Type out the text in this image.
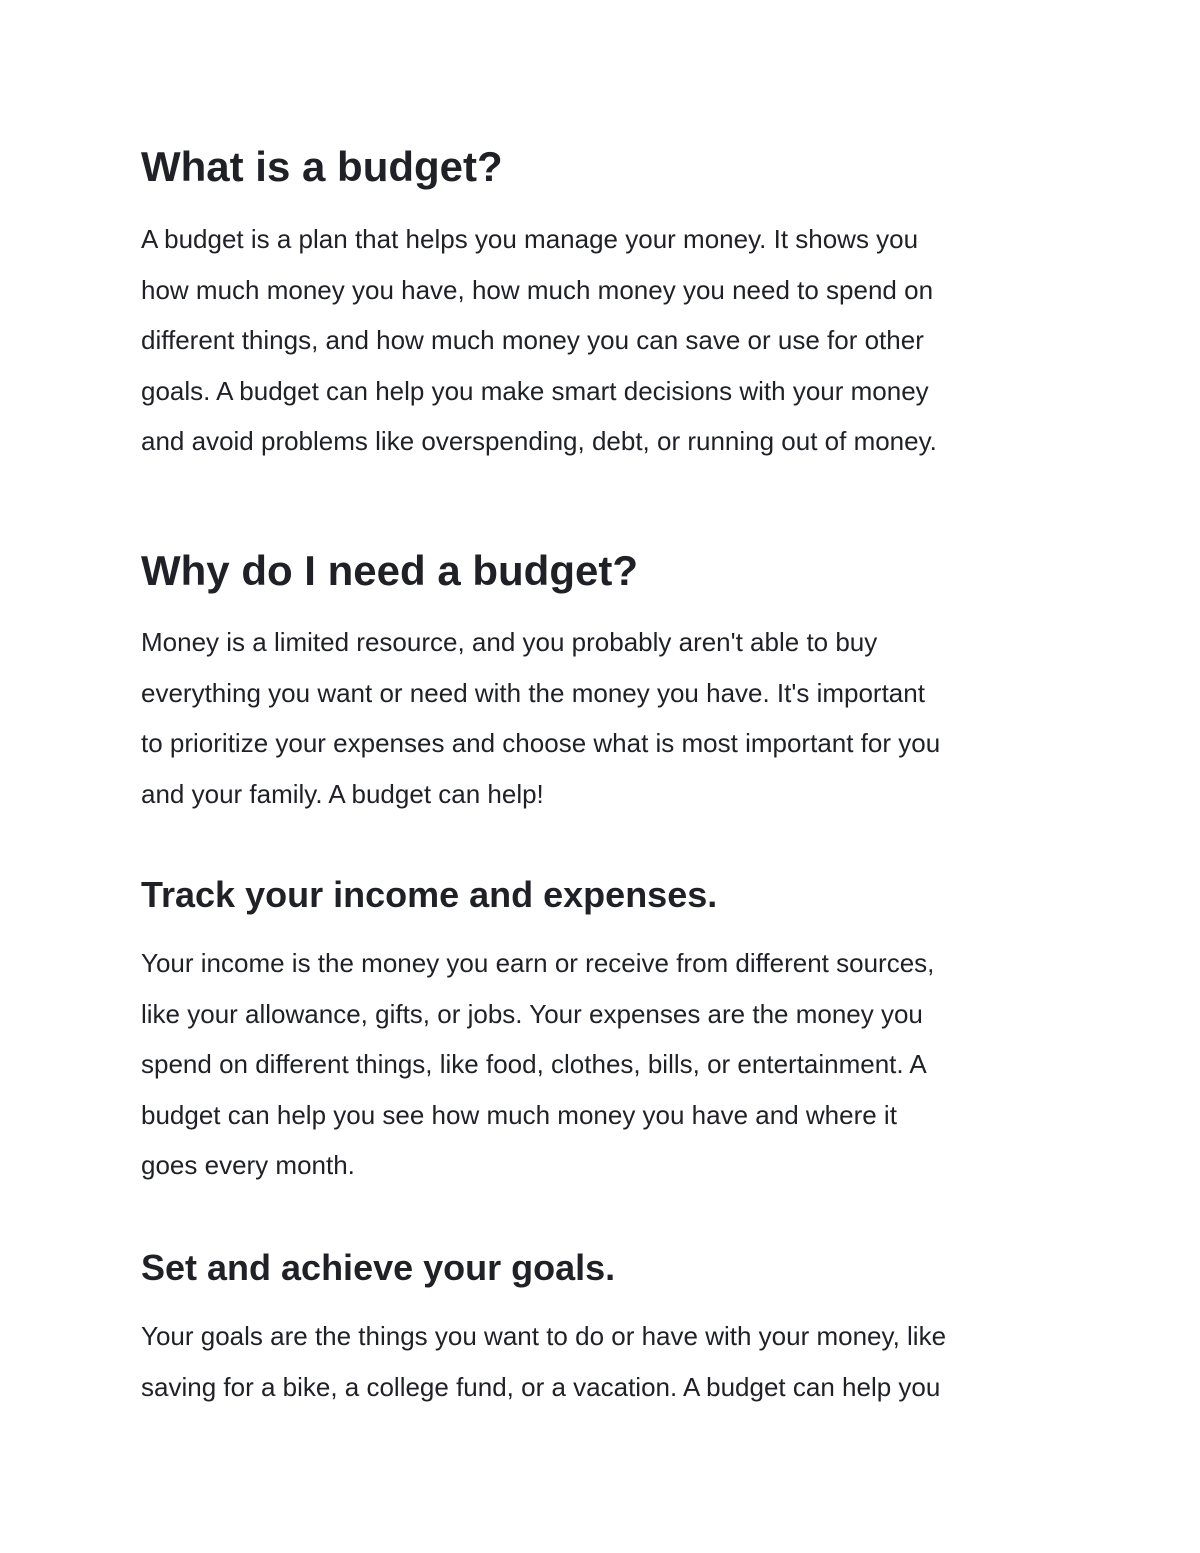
What is a budget?

A budget is a plan that helps you manage your money. It shows you
how much money you have, how much money you need to spend on
different things, and how much money you can save or use for other
goals. A budget can help you make smart decisions with your money
and avoid problems like overspending, debt, or running out of money.

Why do I need a budget?

Money is a limited resource, and you probably aren't able to buy
everything you want or need with the money you have. It's important
to prioritize your expenses and choose what is most important for you
and your family. A budget can help!

Track your income and expenses.

Your income is the money you earn or receive from different sources,
like your allowance, gifts, or jobs. Your expenses are the money you
spend on different things, like food, clothes, bills, or entertainment. A
budget can help you see how much money you have and where it
goes every month.

Set and achieve your goals.

Your goals are the things you want to do or have with your money, like
saving for a bike, a college fund, or a vacation. A budget can help you
